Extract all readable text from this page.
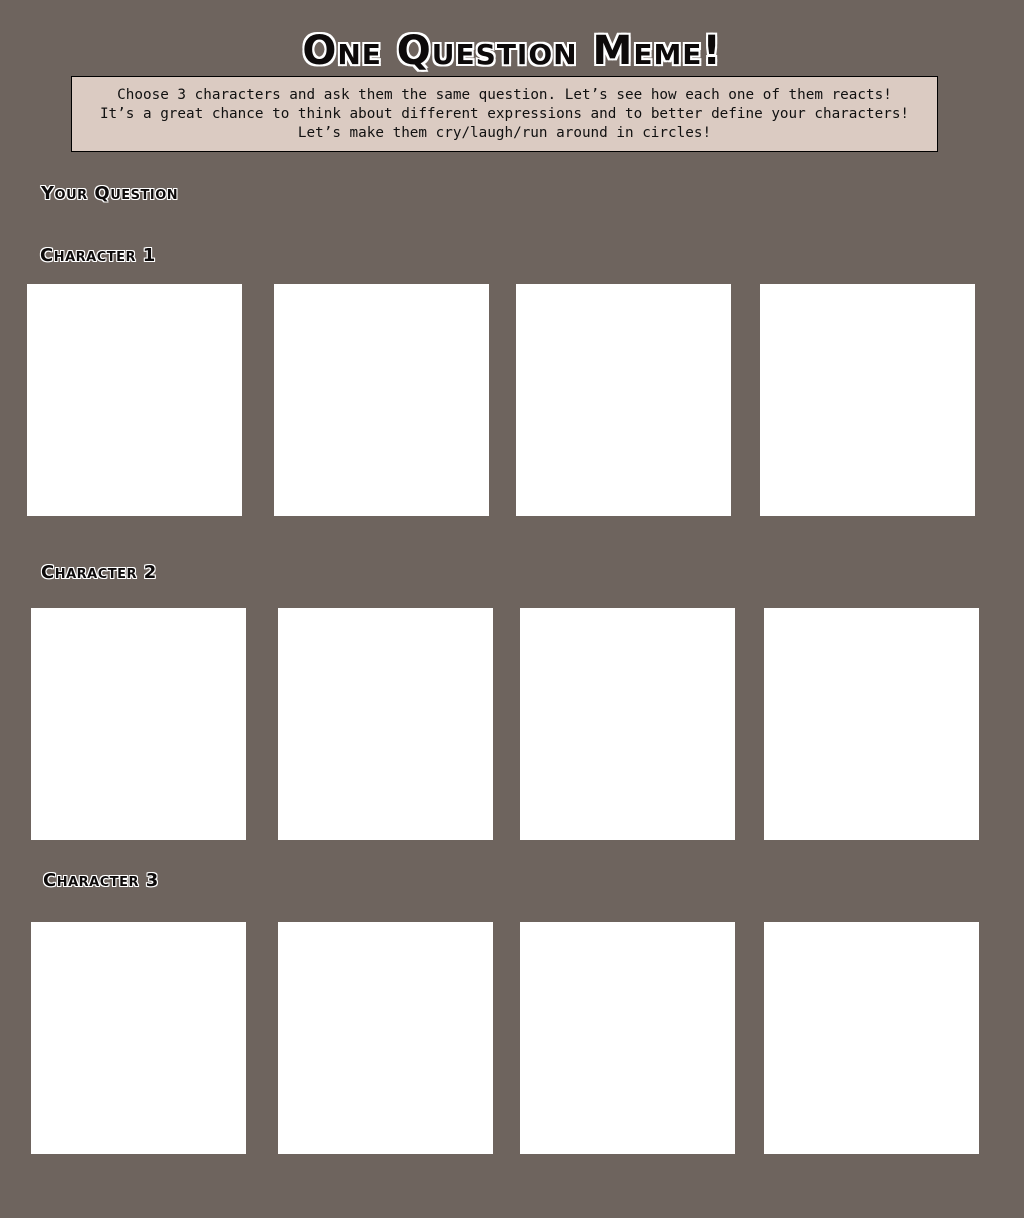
One Question Meme!
Choose 3 characters and ask them the same question. Let’s see how each one of them reacts!
It’s a great chance to think about different expressions and to better define your characters!
Let’s make them cry/laugh/run around in circles!
Your Question
Character 1
Character 2
Character 3
